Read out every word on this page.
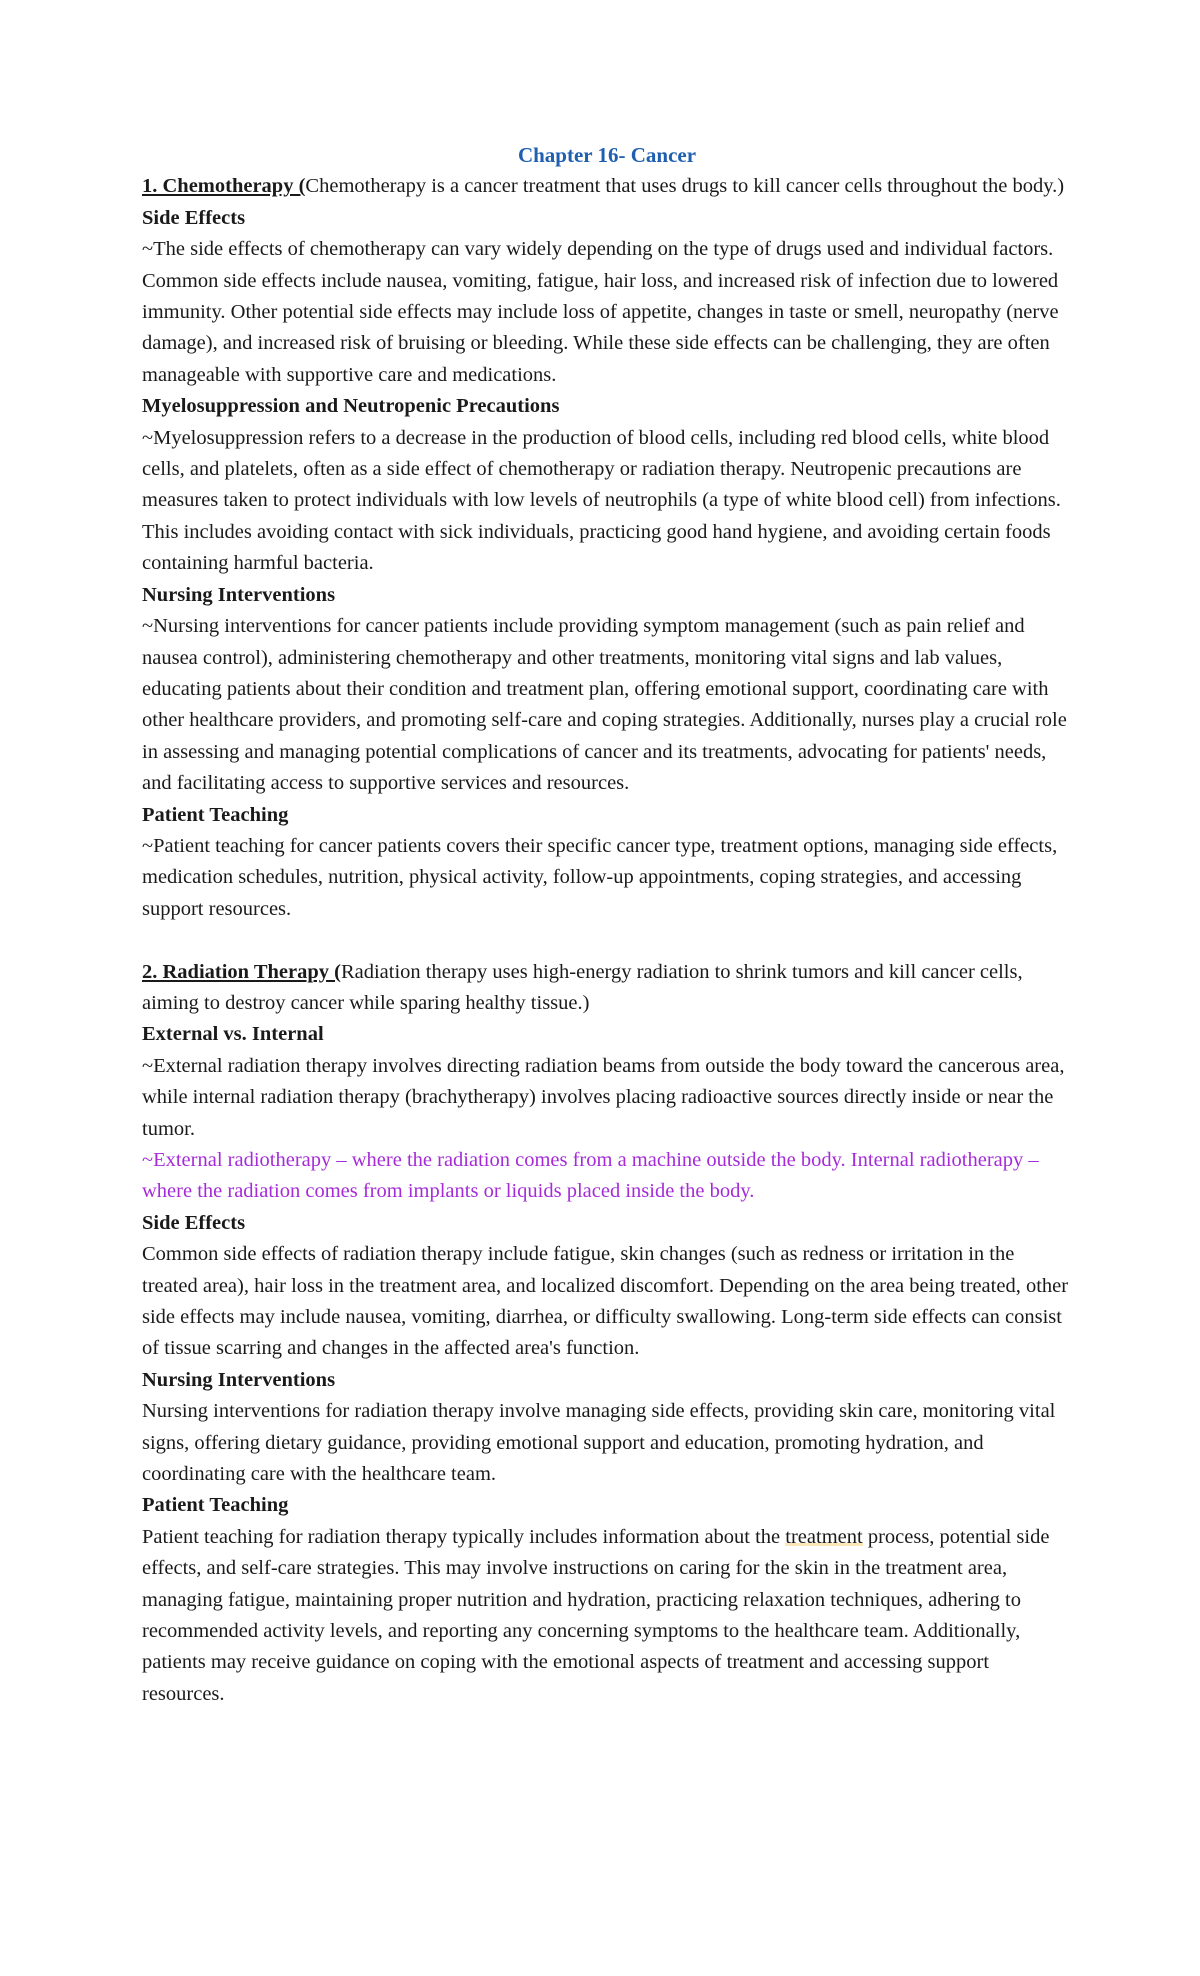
Chapter 16- Cancer

1. Chemotherapy (Chemotherapy is a cancer treatment that uses drugs to kill cancer cells throughout the body.)

Side Effects

~The side effects of chemotherapy can vary widely depending on the type of drugs used and individual factors. Common side effects include nausea, vomiting, fatigue, hair loss, and increased risk of infection due to lowered immunity. Other potential side effects may include loss of appetite, changes in taste or smell, neuropathy (nerve damage), and increased risk of bruising or bleeding. While these side effects can be challenging, they are often manageable with supportive care and medications.

Myelosuppression and Neutropenic Precautions

~Myelosuppression refers to a decrease in the production of blood cells, including red blood cells, white blood cells, and platelets, often as a side effect of chemotherapy or radiation therapy. Neutropenic precautions are measures taken to protect individuals with low levels of neutrophils (a type of white blood cell) from infections. This includes avoiding contact with sick individuals, practicing good hand hygiene, and avoiding certain foods containing harmful bacteria.

Nursing Interventions

~Nursing interventions for cancer patients include providing symptom management (such as pain relief and nausea control), administering chemotherapy and other treatments, monitoring vital signs and lab values, educating patients about their condition and treatment plan, offering emotional support, coordinating care with other healthcare providers, and promoting self-care and coping strategies. Additionally, nurses play a crucial role in assessing and managing potential complications of cancer and its treatments, advocating for patients' needs, and facilitating access to supportive services and resources.

Patient Teaching

~Patient teaching for cancer patients covers their specific cancer type, treatment options, managing side effects, medication schedules, nutrition, physical activity, follow-up appointments, coping strategies, and accessing support resources.

2. Radiation Therapy (Radiation therapy uses high-energy radiation to shrink tumors and kill cancer cells, aiming to destroy cancer while sparing healthy tissue.)

External vs. Internal

~External radiation therapy involves directing radiation beams from outside the body toward the cancerous area, while internal radiation therapy (brachytherapy) involves placing radioactive sources directly inside or near the tumor.

~External radiotherapy – where the radiation comes from a machine outside the body. Internal radiotherapy – where the radiation comes from implants or liquids placed inside the body.

Side Effects

Common side effects of radiation therapy include fatigue, skin changes (such as redness or irritation in the treated area), hair loss in the treatment area, and localized discomfort. Depending on the area being treated, other side effects may include nausea, vomiting, diarrhea, or difficulty swallowing. Long-term side effects can consist of tissue scarring and changes in the affected area's function.

Nursing Interventions

Nursing interventions for radiation therapy involve managing side effects, providing skin care, monitoring vital signs, offering dietary guidance, providing emotional support and education, promoting hydration, and coordinating care with the healthcare team.

Patient Teaching

Patient teaching for radiation therapy typically includes information about the treatment process, potential side effects, and self-care strategies. This may involve instructions on caring for the skin in the treatment area, managing fatigue, maintaining proper nutrition and hydration, practicing relaxation techniques, adhering to recommended activity levels, and reporting any concerning symptoms to the healthcare team. Additionally, patients may receive guidance on coping with the emotional aspects of treatment and accessing support resources.
